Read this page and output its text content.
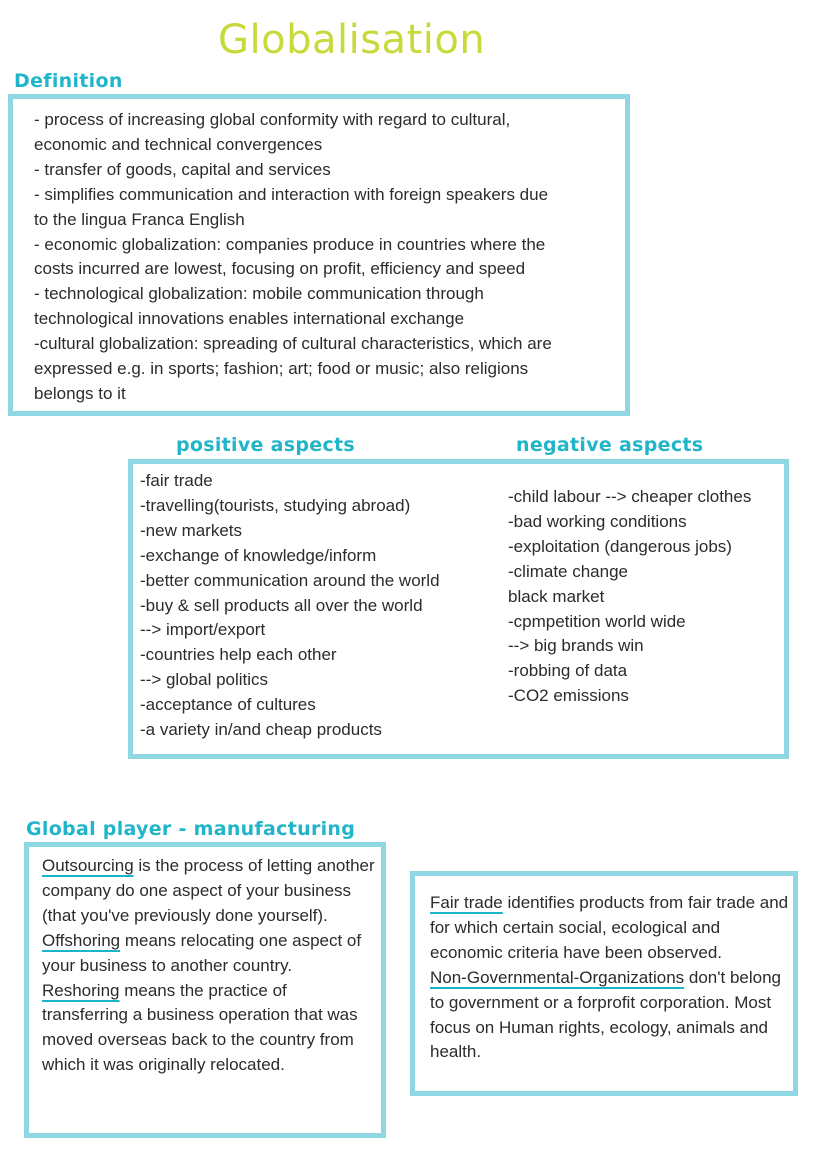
Globalisation
Definition
- process of increasing global conformity with regard to cultural,
economic and technical convergences
- transfer of goods, capital and services
- simplifies communication and interaction with foreign speakers due
to the lingua Franca English
- economic globalization: companies produce in countries where the
costs incurred are lowest, focusing on profit, efficiency and speed
- technological globalization: mobile communication through
technological innovations enables international exchange
-cultural globalization: spreading of cultural characteristics, which are
expressed e.g. in sports; fashion; art; food or music; also religions
belongs to it
positive aspects	negative aspects
-fair trade
-travelling(tourists, studying abroad)
-new markets
-exchange of knowledge/inform
-better communication around the world
-buy & sell products all over the world
--> import/export
-countries help each other
--> global politics
-acceptance of cultures
-a variety in/and cheap products
-child labour --> cheaper clothes
-bad working conditions
-exploitation (dangerous jobs)
-climate change
black market
-cpmpetition world wide
--> big brands win
-robbing of data
-CO2 emissions
Global player - manufacturing

Outsourcing is the process of letting another company do one aspect of your business (that you've previously done yourself).
Offshoring means relocating one aspect of your business to another country.
Reshoring means the practice of transferring a business operation that was moved overseas back to the country from which it was originally relocated.

Fair trade identifies products from fair trade and for which certain social, ecological and economic criteria have been observed.
Non-Governmental-Organizations don't belong to government or a forprofit corporation. Most focus on Human rights, ecology, animals and health.
